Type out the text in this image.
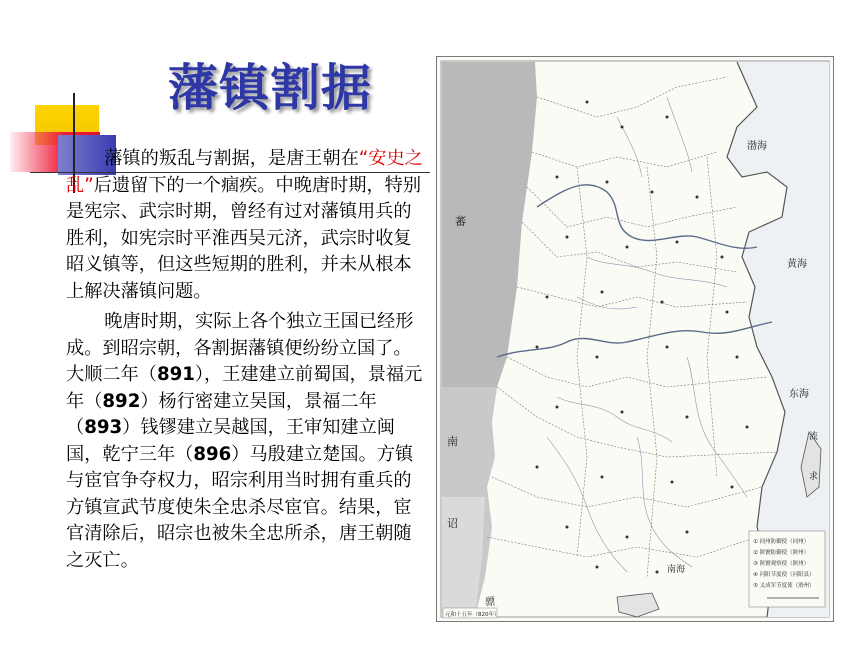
藩镇割据

藩镇的叛乱与割据，是唐王朝在“安史之乱”后遗留下的一个痼疾。中晚唐时期，特别是宪宗、武宗时期，曾经有过对藩镇用兵的胜利，如宪宗时平淮西吴元济，武宗时收复昭义镇等，但这些短期的胜利，并未从根本上解决藩镇问题。

晚唐时期，实际上各个独立王国已经形成。到昭宗朝，各割据藩镇便纷纷立国了。大顺二年（891），王建建立前蜀国，景福元年（892）杨行密建立吴国，景福二年（893）钱镠建立吴越国，王审知建立闽国，乾宁三年（896）马殷建立楚国。方镇与宦官争夺权力，昭宗利用当时拥有重兵的方镇宣武节度使朱全忠杀尽宦官。结果，宦官清除后，昭宗也被朱全忠所杀，唐王朝随之灭亡。

渤海
蕃
黄海
东海
南
诏
流
求
南海
骠
① 同州防御使（同州）
② 陕虢防御使（陕州）
③ 陕虢观察使（陕州）
④ 河阳节度使（河阳县）
⑤ 义成军节度使（滑州）
元和十五年（820年）
